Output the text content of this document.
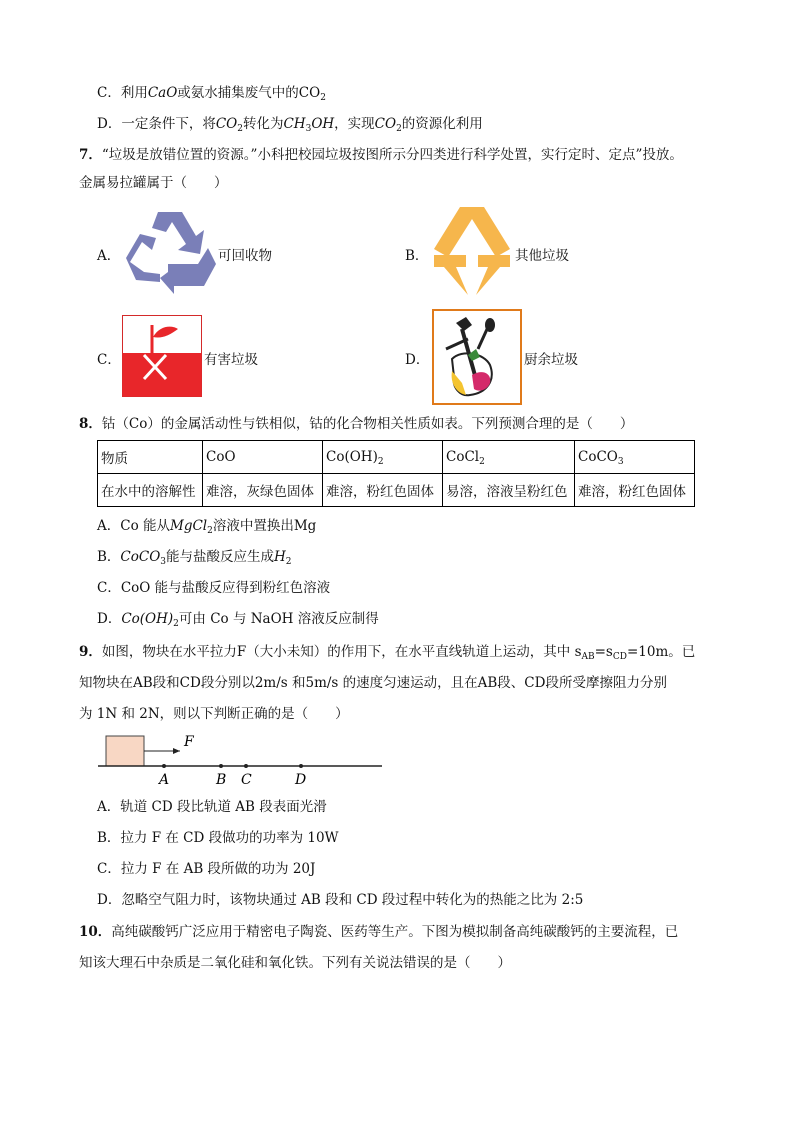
C．利用CaO或氨水捕集废气中的$CO_2$
D．一定条件下，将$CO_2$转化为$CH_3OH$，实现$CO_2$的资源化利用
7．“垃圾是放错位置的资源。”小科把校园垃圾按图所示分四类进行科学处置，实行定时、定点”投放。
金属易拉罐属于（　　）
A．	可回收物	B．	其他垃圾
C．	有害垃圾	D．	厨余垃圾
8．钴（Co）的金属活动性与铁相似，钴的化合物相关性质如表。下列预测合理的是（　　）
物质	CoO	$Co(OH)_2$	CoCl$_2$	CoCO$_3$
在水中的溶解性	难溶，灰绿色固体	难溶，粉红色固体	易溶，溶液呈粉红色	难溶，粉红色固体
A．Co 能从MgCl$_2$溶液中置换出Mg
B．CoCO$_3$能与盐酸反应生成$H_2$
C．CoO 能与盐酸反应得到粉红色溶液
D．$Co(OH)_2$可由 Co 与 NaOH 溶液反应制得
9．如图，物块在水平拉力F（大小未知）的作用下，在水平直线轨道上运动，其中 $s_{AB}=s_{CD}=10m$。已
知物块在AB段和CD段分别以2m/s 和5m/s 的速度匀速运动，且在AB段、CD段所受摩擦阻力分别
为 1N 和 2N，则以下判断正确的是（　　）
F
A	B C	D
A．轨道 CD 段比轨道 AB 段表面光滑
B．拉力 F 在 CD 段做功的功率为 10W
C．拉力 F 在 AB 段所做的功为 20J
D．忽略空气阻力时，该物块通过 AB 段和 CD 段过程中转化为的热能之比为 2:5
10．高纯碳酸钙广泛应用于精密电子陶瓷、医药等生产。下图为模拟制备高纯碳酸钙的主要流程，已
知该大理石中杂质是二氧化硅和氧化铁。下列有关说法错误的是（　　）
